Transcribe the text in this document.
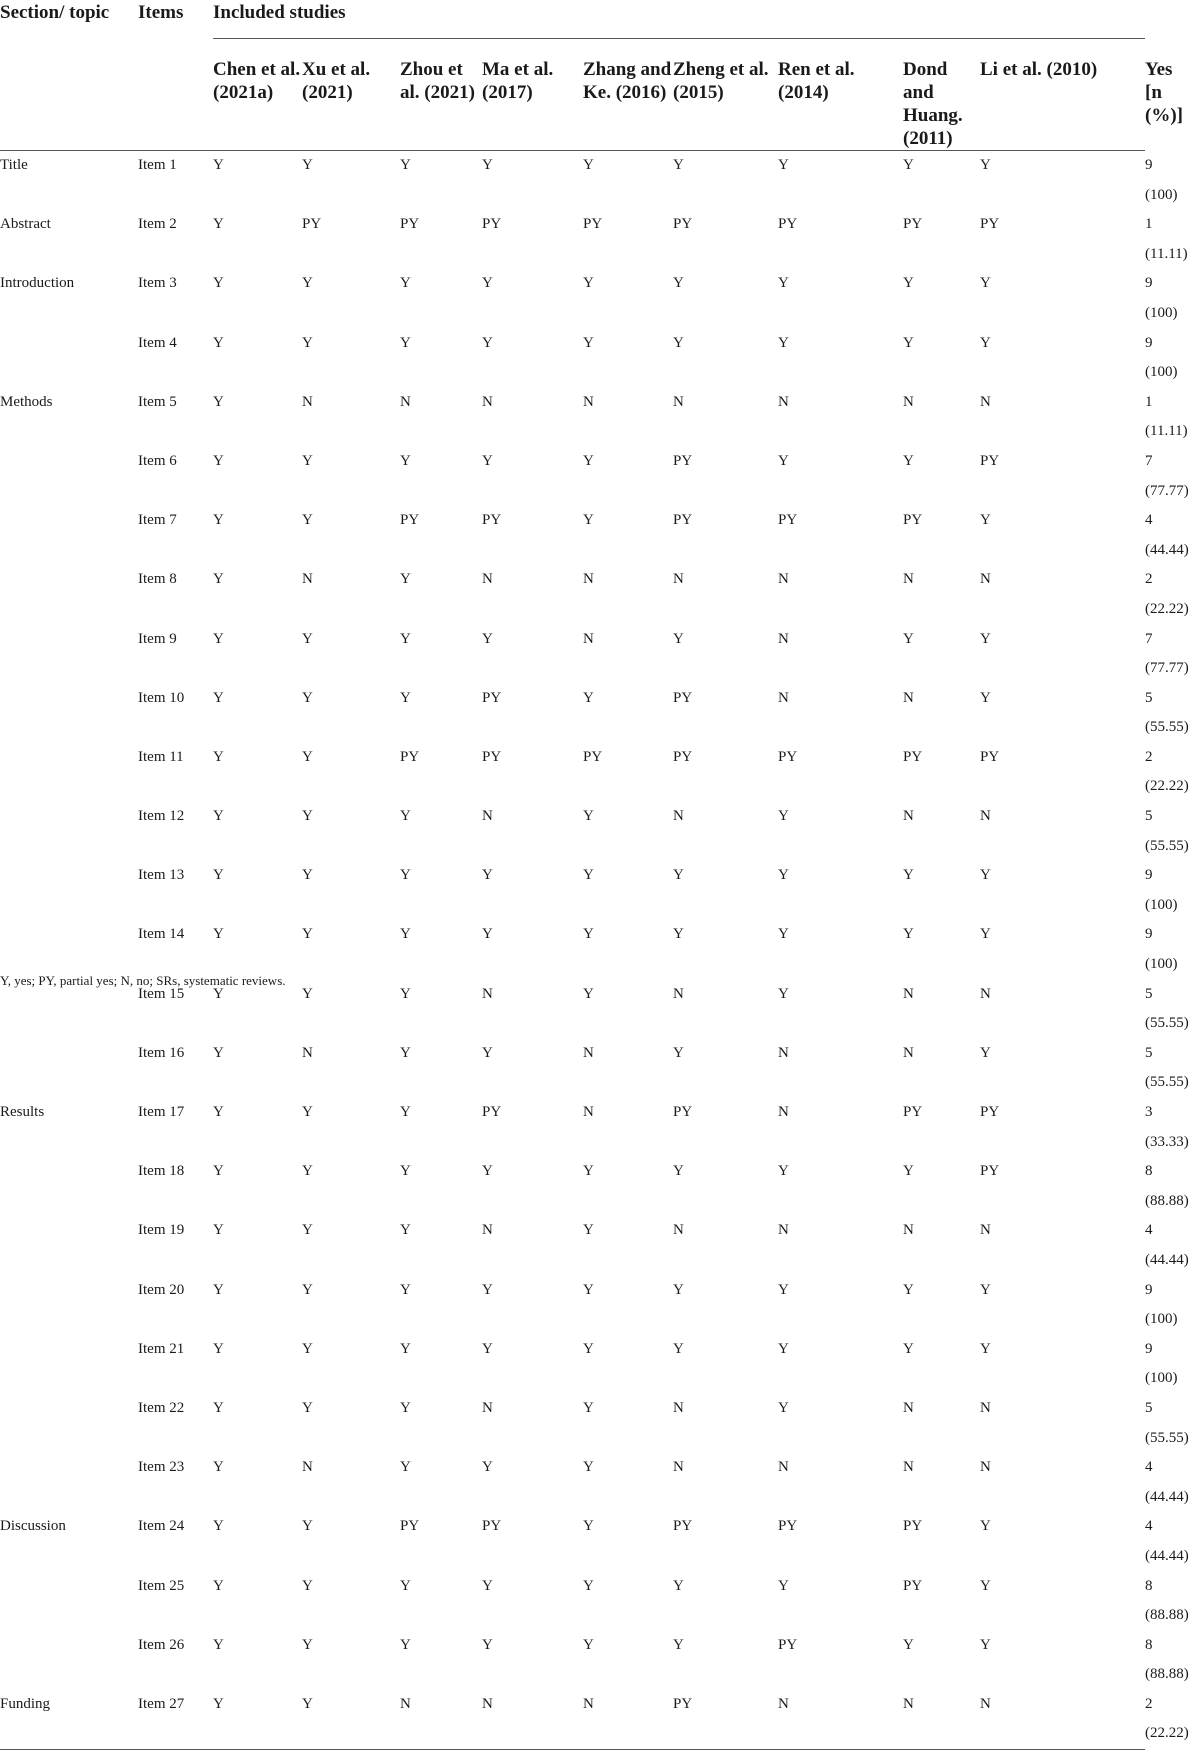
Section/ topic	Items	Included studies									
		Chen et al. (2021a)	Xu et al. (2021)	Zhou et al. (2021)	Ma et al. (2017)	Zhang and Ke. (2016)	Zheng et al. (2015)	Ren et al. (2014)	Dond and Huang. (2011)	Li et al. (2010)	Yes [n (%)]
Title	Item 1	Y	Y	Y	Y	Y	Y	Y	Y	Y	9 (100)
Abstract	Item 2	Y	PY	PY	PY	PY	PY	PY	PY	PY	1 (11.11)
Introduction	Item 3	Y	Y	Y	Y	Y	Y	Y	Y	Y	9 (100)
	Item 4	Y	Y	Y	Y	Y	Y	Y	Y	Y	9 (100)
Methods	Item 5	Y	N	N	N	N	N	N	N	N	1 (11.11)
	Item 6	Y	Y	Y	Y	Y	PY	Y	Y	PY	7 (77.77)
	Item 7	Y	Y	PY	PY	Y	PY	PY	PY	Y	4 (44.44)
	Item 8	Y	N	Y	N	N	N	N	N	N	2 (22.22)
	Item 9	Y	Y	Y	Y	N	Y	N	Y	Y	7 (77.77)
	Item 10	Y	Y	Y	PY	Y	PY	N	N	Y	5 (55.55)
	Item 11	Y	Y	PY	PY	PY	PY	PY	PY	PY	2 (22.22)
	Item 12	Y	Y	Y	N	Y	N	Y	N	N	5 (55.55)
	Item 13	Y	Y	Y	Y	Y	Y	Y	Y	Y	9 (100)
	Item 14	Y	Y	Y	Y	Y	Y	Y	Y	Y	9 (100)
	Item 15	Y	Y	Y	N	Y	N	Y	N	N	5 (55.55)
	Item 16	Y	N	Y	Y	N	Y	N	N	Y	5 (55.55)
Results	Item 17	Y	Y	Y	PY	N	PY	N	PY	PY	3 (33.33)
	Item 18	Y	Y	Y	Y	Y	Y	Y	Y	PY	8 (88.88)
	Item 19	Y	Y	Y	N	Y	N	N	N	N	4 (44.44)
	Item 20	Y	Y	Y	Y	Y	Y	Y	Y	Y	9 (100)
	Item 21	Y	Y	Y	Y	Y	Y	Y	Y	Y	9 (100)
	Item 22	Y	Y	Y	N	Y	N	Y	N	N	5 (55.55)
	Item 23	Y	N	Y	Y	Y	N	N	N	N	4 (44.44)
Discussion	Item 24	Y	Y	PY	PY	Y	PY	PY	PY	Y	4 (44.44)
	Item 25	Y	Y	Y	Y	Y	Y	Y	PY	Y	8 (88.88)
	Item 26	Y	Y	Y	Y	Y	Y	PY	Y	Y	8 (88.88)
Funding	Item 27	Y	Y	N	N	N	PY	N	N	N	2 (22.22)
Y, yes; PY, partial yes; N, no; SRs, systematic reviews.
